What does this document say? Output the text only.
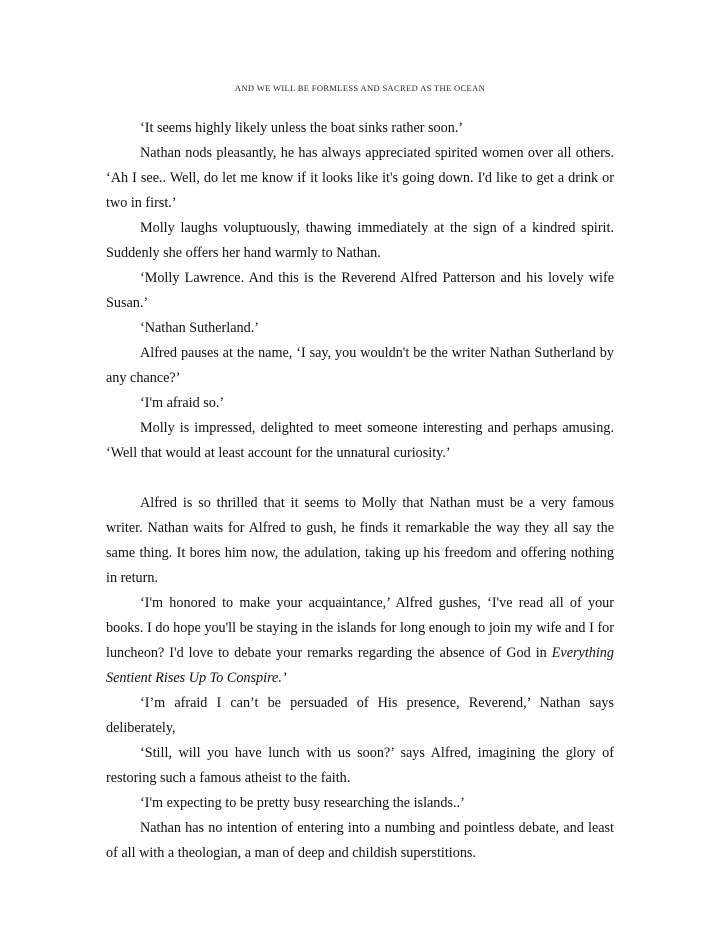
AND WE WILL BE FORMLESS AND SACRED AS THE OCEAN

‘It seems highly likely unless the boat sinks rather soon.’

Nathan nods pleasantly, he has always appreciated spirited women over all others. ‘Ah I see.. Well, do let me know if it looks like it's going down. I'd like to get a drink or two in first.’

Molly laughs voluptuously, thawing immediately at the sign of a kindred spirit. Suddenly she offers her hand warmly to Nathan.

‘Molly Lawrence. And this is the Reverend Alfred Patterson and his lovely wife Susan.’

‘Nathan Sutherland.’

Alfred pauses at the name, ‘I say, you wouldn't be the writer Nathan Sutherland by any chance?’

‘I'm afraid so.’

Molly is impressed, delighted to meet someone interesting and perhaps amusing. ‘Well that would at least account for the unnatural curiosity.’

Alfred is so thrilled that it seems to Molly that Nathan must be a very famous writer. Nathan waits for Alfred to gush, he finds it remarkable the way they all say the same thing. It bores him now, the adulation, taking up his freedom and offering nothing in return.

‘I'm honored to make your acquaintance,’ Alfred gushes, ‘I've read all of your books. I do hope you'll be staying in the islands for long enough to join my wife and I for luncheon? I'd love to debate your remarks regarding the absence of God in Everything Sentient Rises Up To Conspire.’

‘I’m afraid I can’t be persuaded of His presence, Reverend,’ Nathan says deliberately,

‘Still, will you have lunch with us soon?’ says Alfred, imagining the glory of restoring such a famous atheist to the faith.

‘I'm expecting to be pretty busy researching the islands..’

Nathan has no intention of entering into a numbing and pointless debate, and least of all with a theologian, a man of deep and childish superstitions.
